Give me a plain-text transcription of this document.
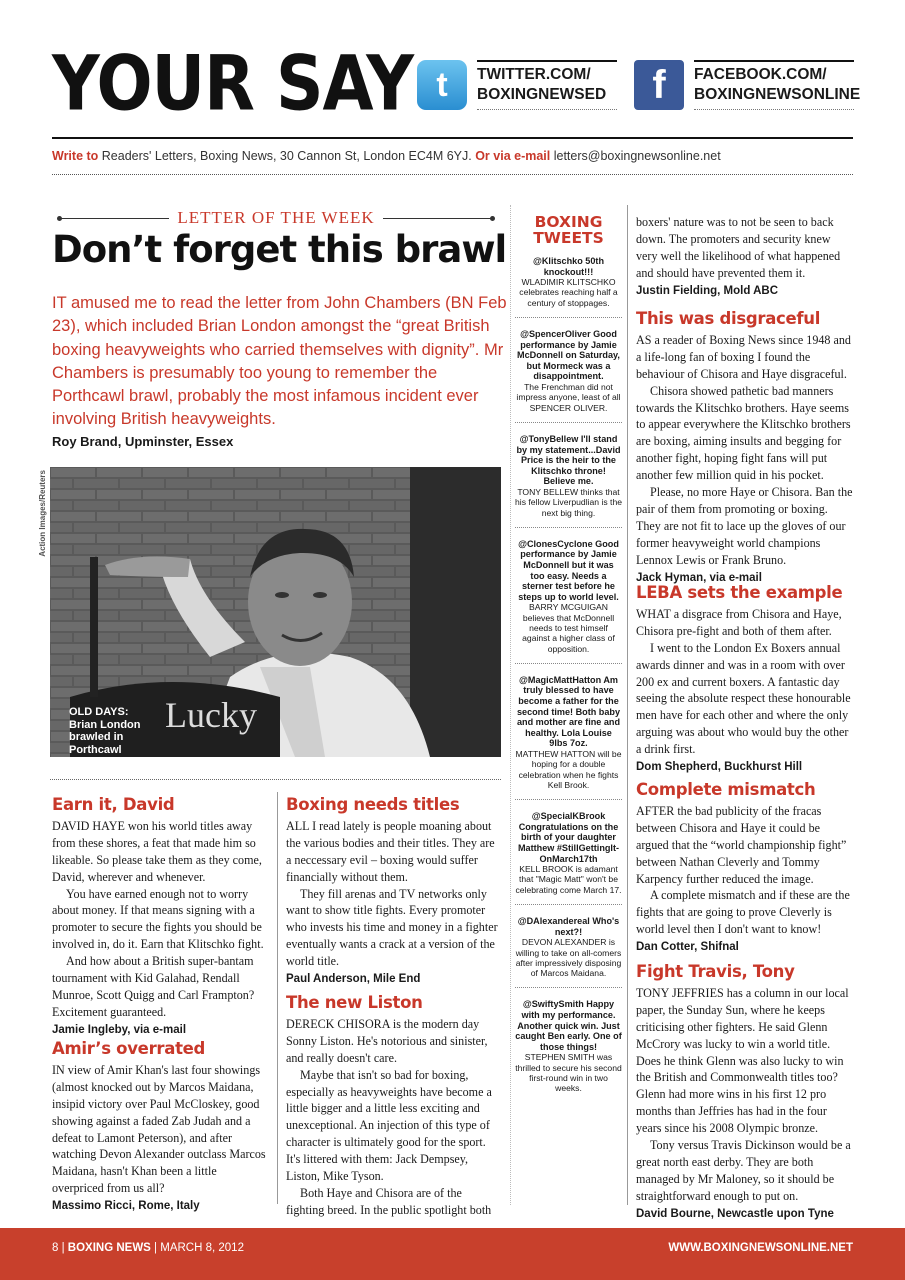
YOUR SAY t TWITTER.COM/
BOXINGNEWSED f FACEBOOK.COM/
BOXINGNEWSONLINE
Write to Readers' Letters, Boxing News, 30 Cannon St, London EC4M 6YJ. Or via e-mail letters@boxingnewsonline.net
LETTER OF THE WEEK
Don’t forget this brawl
IT amused me to read the letter from John Chambers (BN Feb 23), which included Brian London amongst the “great British boxing heavyweights who carried themselves with dignity”. Mr Chambers is presumably too young to remember the Porthcawl brawl, probably the most infamous incident ever involving British heavyweights.
Roy Brand, Upminster, Essex
Action Images/Reuters
Lucky
OLD DAYS:
Brian London
brawled in
Porthcawl
Earn it, David

DAVID HAYE won his world titles away from these shores, a feat that made him so likeable. So please take them as they come, David, wherever and whenever.

You have earned enough not to worry about money. If that means signing with a promoter to secure the fights you should be involved in, do it. Earn that Klitschko fight.

And how about a British super-bantam tournament with Kid Galahad, Rendall Munroe, Scott Quigg and Carl Frampton? Excitement guaranteed.

Jamie Ingleby, via e-mail
Amir’s overrated

IN view of Amir Khan's last four showings (almost knocked out by Marcos Maidana, insipid victory over Paul McCloskey, good showing against a faded Zab Judah and a defeat to Lamont Peterson), and after watching Devon Alexander outclass Marcos Maidana, hasn't Khan been a little overpriced from us all?

Massimo Ricci, Rome, Italy
Boxing needs titles

ALL I read lately is people moaning about the various bodies and their titles. They are a neccessary evil – boxing would suffer financially without them.

They fill arenas and TV networks only want to show title fights. Every promoter who invests his time and money in a fighter eventually wants a crack at a version of the world title.

Paul Anderson, Mile End
The new Liston

DERECK CHISORA is the modern day Sonny Liston. He's notorious and sinister, and really doesn't care.

Maybe that isn't so bad for boxing, especially as heavyweights have become a little bigger and a little less exciting and unexceptional. An injection of this type of character is ultimately good for the sport. It's littered with them: Jack Dempsey, Liston, Mike Tyson.

Both Haye and Chisora are of the fighting breed. In the public spotlight both

BOXING
TWEETS
@Klitschko 50th knockout!!!
WLADIMIR KLITSCHKO celebrates reaching half a century of stoppages.
@SpencerOliver Good performance by Jamie McDonnell on Saturday, but Mormeck was a disappointment.
The Frenchman did not impress anyone, least of all SPENCER OLIVER.
@TonyBellew I'll stand by my statement...David Price is the heir to the Klitschko throne! Believe me.
TONY BELLEW thinks that his fellow Liverpudlian is the next big thing.
@ClonesCyclone Good performance by Jamie McDonnell but it was too easy. Needs a sterner test before he steps up to world level.
BARRY MCGUIGAN believes that McDonnell needs to test himself against a higher class of opposition.
@MagicMattHatton Am truly blessed to have become a father for the second time! Both baby and mother are fine and healthy. Lola Louise 9lbs 7oz.
MATTHEW HATTON will be hoping for a double celebration when he fights Kell Brook.
@SpecialKBrook Congratulations on the birth of your daughter Matthew #StillGettingIt-OnMarch17th
KELL BROOK is adamant that "Magic Matt" won't be celebrating come March 17.
@DAlexandereal Who's next?!
DEVON ALEXANDER is willing to take on all-comers after impressively disposing of Marcos Maidana.
@SwiftySmith Happy with my performance. Another quick win. Just caught Ben early. One of those things!
STEPHEN SMITH was thrilled to secure his second first-round win in two weeks.

boxers' nature was to not be seen to back down. The promoters and security knew very well the likelihood of what happened and should have prevented them it.

Justin Fielding, Mold ABC
This was disgraceful

AS a reader of Boxing News since 1948 and a life-long fan of boxing I found the behaviour of Chisora and Haye disgraceful.

Chisora showed pathetic bad manners towards the Klitschko brothers. Haye seems to appear everywhere the Klitschko brothers are boxing, aiming insults and begging for another fight, hoping fight fans will put another few million quid in his pocket.

Please, no more Haye or Chisora. Ban the pair of them from promoting or boxing. They are not fit to lace up the gloves of our former heavyweight world champions Lennox Lewis or Frank Bruno.

Jack Hyman, via e-mail
LEBA sets the example

WHAT a disgrace from Chisora and Haye, Chisora pre-fight and both of them after.

I went to the London Ex Boxers annual awards dinner and was in a room with over 200 ex and current boxers. A fantastic day seeing the absolute respect these honourable men have for each other and where the only arguing was about who would buy the other a drink first.

Dom Shepherd, Buckhurst Hill
Complete mismatch

AFTER the bad publicity of the fracas between Chisora and Haye it could be argued that the “world championship fight” between Nathan Cleverly and Tommy Karpency further reduced the image.

A complete mismatch and if these are the fights that are going to prove Cleverly is world level then I don't want to know!

Dan Cotter, Shifnal
Fight Travis, Tony

TONY JEFFRIES has a column in our local paper, the Sunday Sun, where he keeps criticising other fighters. He said Glenn McCrory was lucky to win a world title. Does he think Glenn was also lucky to win the British and Commonwealth titles too? Glenn had more wins in his first 12 pro months than Jeffries has had in the four years since his 2008 Olympic bronze.

Tony versus Travis Dickinson would be a great north east derby. They are both managed by Mr Maloney, so it should be straightforward enough to put on.

David Bourne, Newcastle upon Tyne
8 | BOXING NEWS | MARCH 8, 2012	WWW.BOXINGNEWSONLINE.NET
